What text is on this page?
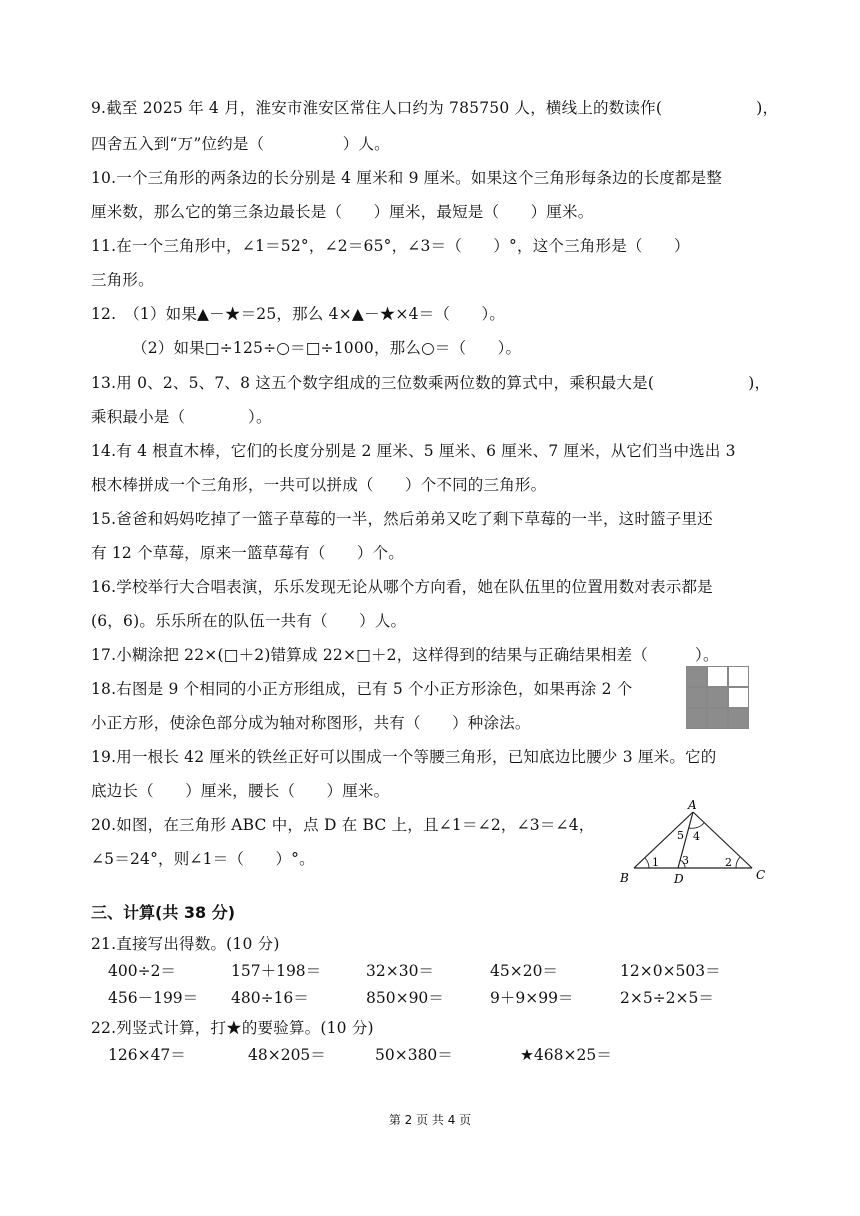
9.截至 2025 年 4 月，淮安市淮安区常住人口约为 785750 人，横线上的数读作(　　　　　　)，
四舍五入到“万”位约是（　　　　　）人。
10.一个三角形的两条边的长分别是 4 厘米和 9 厘米。如果这个三角形每条边的长度都是整
厘米数，那么它的第三条边最长是（　　）厘米，最短是（　　）厘米。
11.在一个三角形中，∠1＝52°，∠2＝65°，∠3＝（　　）°，这个三角形是（　　）
三角形。
12.　（1）如果▲－★＝25，那么 4×▲－★×4＝（　　）。
（2）如果□÷125÷○＝□÷1000，那么○＝（　　）。
13.用 0、2、5、7、8 这五个数字组成的三位数乘两位数的算式中，乘积最大是(　　　　　　)，
乘积最小是（　　　　）。
14.有 4 根直木棒，它们的长度分别是 2 厘米、5 厘米、6 厘米、7 厘米，从它们当中选出 3
根木棒拼成一个三角形，一共可以拼成（　　）个不同的三角形。
15.爸爸和妈妈吃掉了一篮子草莓的一半，然后弟弟又吃了剩下草莓的一半，这时篮子里还
有 12 个草莓，原来一篮草莓有（　　）个。
16.学校举行大合唱表演，乐乐发现无论从哪个方向看，她在队伍里的位置用数对表示都是
(6，6)。乐乐所在的队伍一共有（　　）人。
17.小糊涂把 22×(□＋2)错算成 22×□＋2，这样得到的结果与正确结果相差（　　　）。
18.右图是 9 个相同的小正方形组成，已有 5 个小正方形涂色，如果再涂 2 个
小正方形，使涂色部分成为轴对称图形，共有（　　）种涂法。
19.用一根长 42 厘米的铁丝正好可以围成一个等腰三角形，已知底边比腰少 3 厘米。它的
底边长（　　）厘米，腰长（　　）厘米。
20.如图，在三角形 ABC 中，点 D 在 BC 上，且∠1＝∠2，∠3＝∠4，
∠5＝24°，则∠1＝（　　）°。
A
B	C
D
1	2
3
4
5
三、计算(共 38 分)
21.直接写出得数。(10 分)
400÷2＝	157＋198＝	32×30＝	45×20＝	12×0×503＝
456－199＝ 480÷16＝	850×90＝	9＋9×99＝	2×5÷2×5＝
22.列竖式计算，打★的要验算。(10 分)
126×47＝	48×205＝	50×380＝	★468×25＝
第 2 页 共 4 页
